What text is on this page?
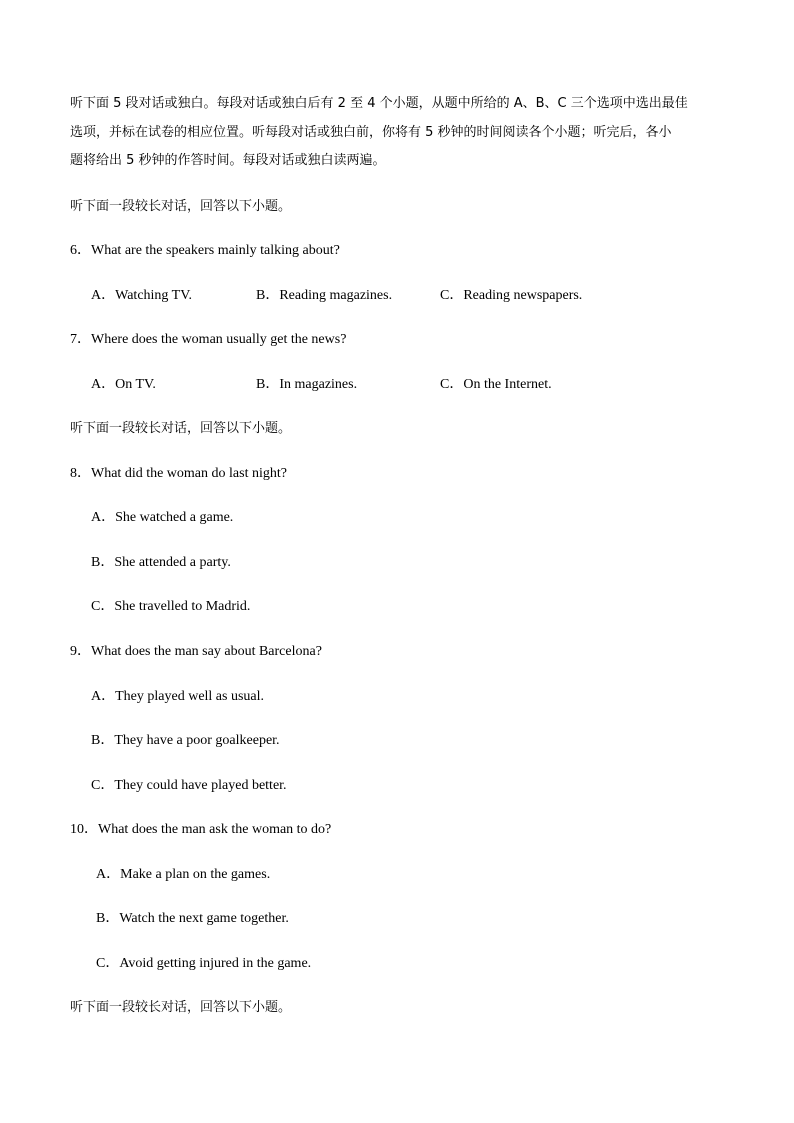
听下面 5 段对话或独白。每段对话或独白后有 2 至 4 个小题，从题中所给的 A、B、C 三个选项中选出最佳
选项，并标在试卷的相应位置。听每段对话或独白前，你将有 5 秒钟的时间阅读各个小题；听完后，各小
题将给出 5 秒钟的作答时间。每段对话或独白读两遍。
听下面一段较长对话，回答以下小题。
6．What are the speakers mainly talking about?
A．Watching TV.	B．Reading magazines.	C．Reading newspapers.
7．Where does the woman usually get the news?
A．On TV.	B．In magazines.	C．On the Internet.
听下面一段较长对话，回答以下小题。
8．What did the woman do last night?
A．She watched a game.
B．She attended a party.
C．She travelled to Madrid.
9．What does the man say about Barcelona?
A．They played well as usual.
B．They have a poor goalkeeper.
C．They could have played better.
10．What does the man ask the woman to do?
A．Make a plan on the games.
B．Watch the next game together.
C．Avoid getting injured in the game.
听下面一段较长对话，回答以下小题。
